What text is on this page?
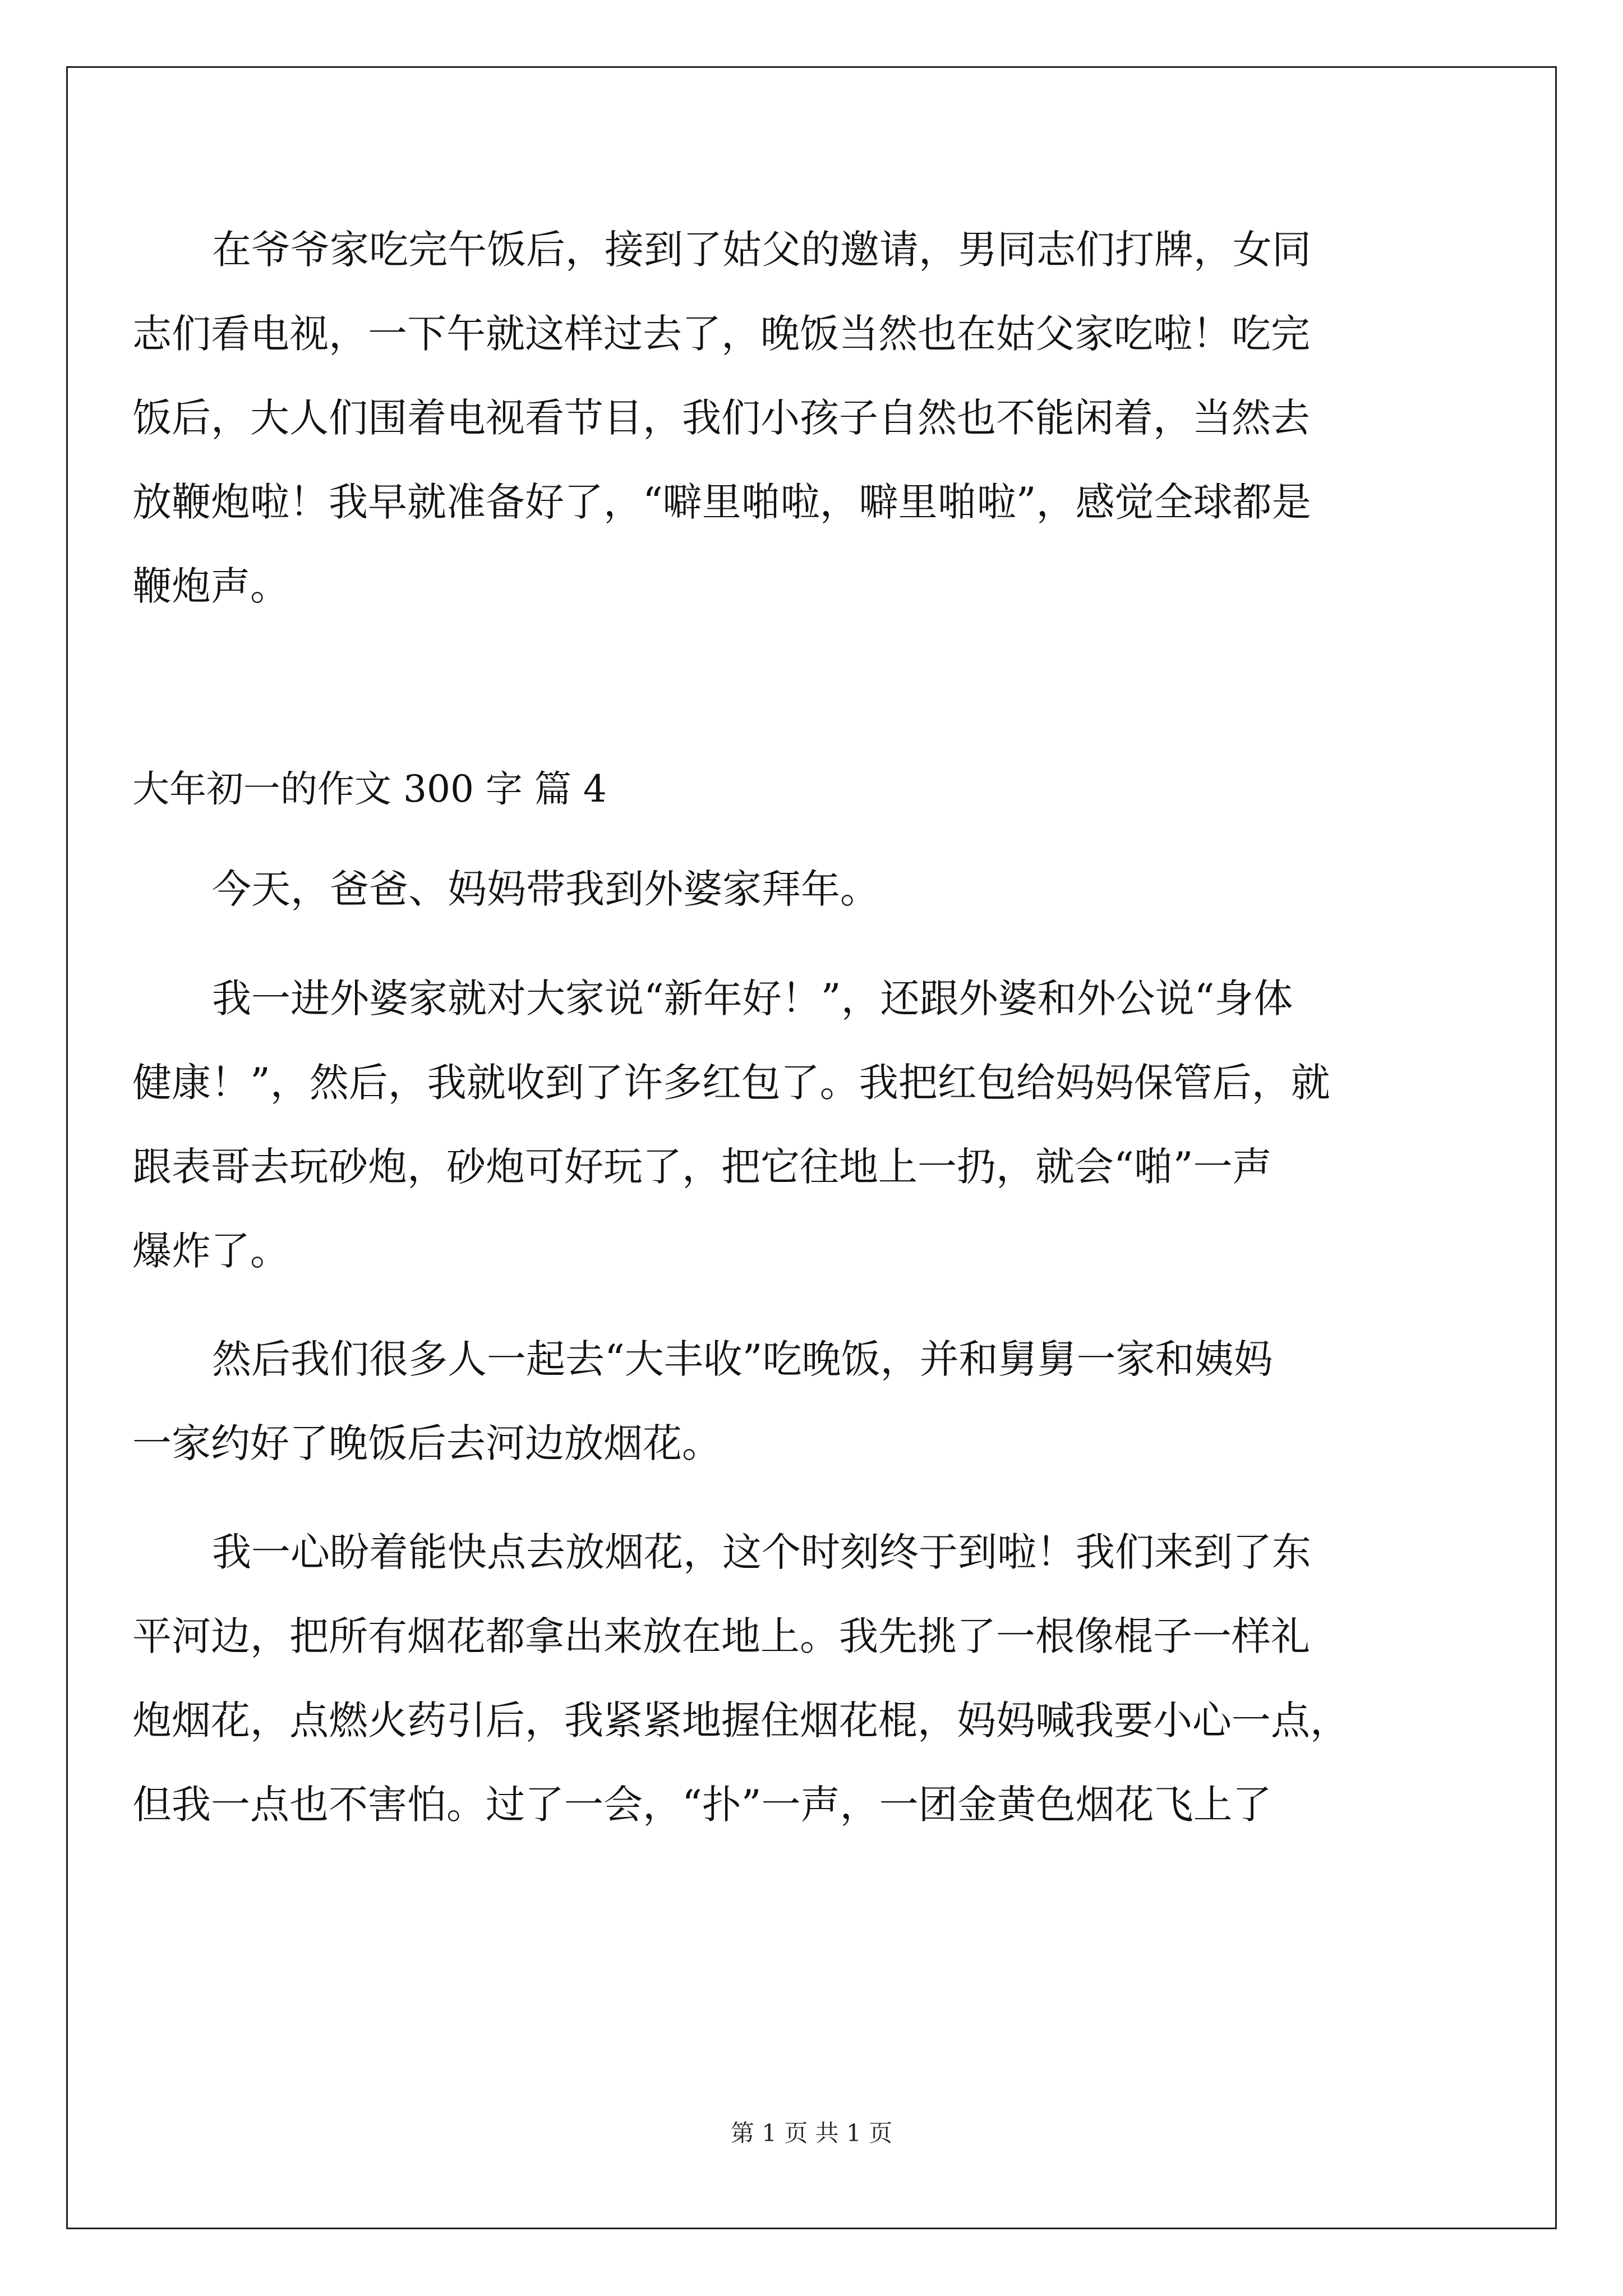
在爷爷家吃完午饭后，接到了姑父的邀请，男同志们打牌，女同
志们看电视，一下午就这样过去了，晚饭当然也在姑父家吃啦！吃完
饭后，大人们围着电视看节目，我们小孩子自然也不能闲着，当然去
放鞭炮啦！我早就准备好了，“噼里啪啦，噼里啪啦”，感觉全球都是
鞭炮声。
大年初一的作文 300 字 篇 4
今天，爸爸、妈妈带我到外婆家拜年。
我一进外婆家就对大家说“新年好！”，还跟外婆和外公说“身体
健康！”，然后，我就收到了许多红包了。我把红包给妈妈保管后，就
跟表哥去玩砂炮，砂炮可好玩了，把它往地上一扔，就会“啪”一声
爆炸了。
然后我们很多人一起去“大丰收”吃晚饭，并和舅舅一家和姨妈
一家约好了晚饭后去河边放烟花。
我一心盼着能快点去放烟花，这个时刻终于到啦！我们来到了东
平河边，把所有烟花都拿出来放在地上。我先挑了一根像棍子一样礼
炮烟花，点燃火药引后，我紧紧地握住烟花棍，妈妈喊我要小心一点，
但我一点也不害怕。过了一会，“扑”一声，一团金黄色烟花飞上了
第 1 页 共 1 页
